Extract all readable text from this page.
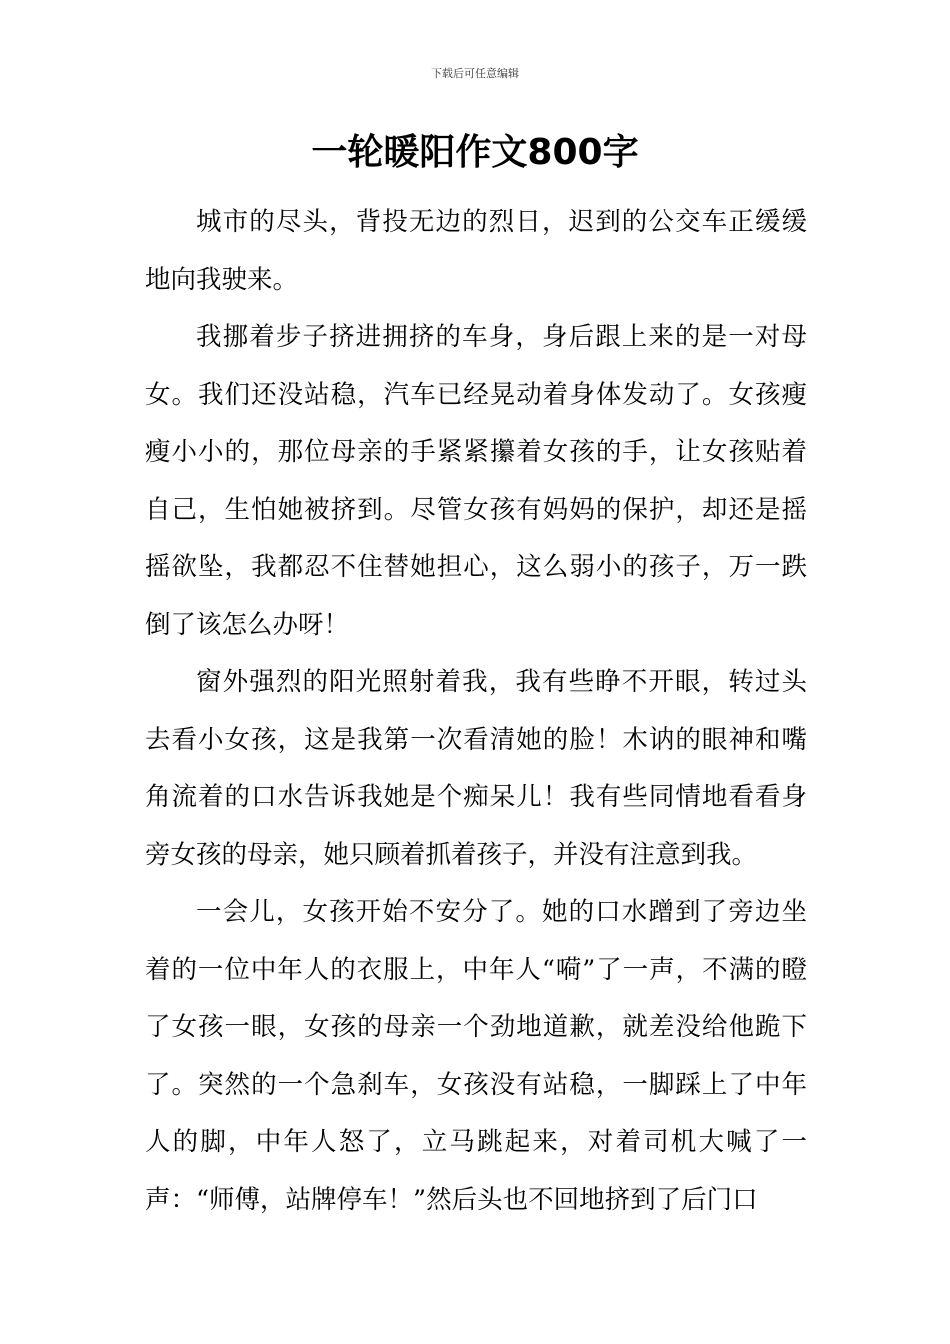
下载后可任意编辑
一轮暖阳作文800字

城市的尽头，背投无边的烈日，迟到的公交车正缓缓地向我驶来。

我挪着步子挤进拥挤的车身，身后跟上来的是一对母女。我们还没站稳，汽车已经晃动着身体发动了。女孩瘦瘦小小的，那位母亲的手紧紧攥着女孩的手，让女孩贴着自己，生怕她被挤到。尽管女孩有妈妈的保护，却还是摇摇欲坠，我都忍不住替她担心，这么弱小的孩子，万一跌倒了该怎么办呀！

窗外强烈的阳光照射着我，我有些睁不开眼，转过头去看小女孩，这是我第一次看清她的脸！木讷的眼神和嘴角流着的口水告诉我她是个痴呆儿！我有些同情地看看身旁女孩的母亲，她只顾着抓着孩子，并没有注意到我。

一会儿，女孩开始不安分了。她的口水蹭到了旁边坐着的一位中年人的衣服上，中年人“嗬”了一声，不满的瞪了女孩一眼，女孩的母亲一个劲地道歉，就差没给他跪下了。突然的一个急刹车，女孩没有站稳，一脚踩上了中年人的脚，中年人怒了，立马跳起来，对着司机大喊了一声：“师傅，站牌停车！”然后头也不回地挤到了后门口
